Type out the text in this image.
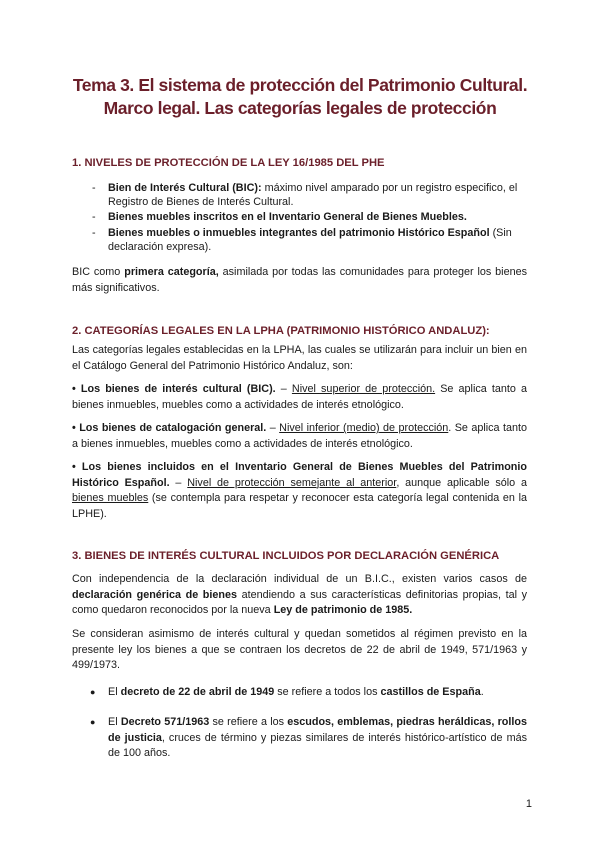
Tema 3. El sistema de protección del Patrimonio Cultural. Marco legal. Las categorías legales de protección
1. NIVELES DE PROTECCIÓN DE LA LEY 16/1985 DEL PHE
- Bien de Interés Cultural (BIC): máximo nivel amparado por un registro especifico, el Registro de Bienes de Interés Cultural.
- Bienes muebles inscritos en el Inventario General de Bienes Muebles.
- Bienes muebles o inmuebles integrantes del patrimonio Histórico Español (Sin declaración expresa).
BIC como primera categoría, asimilada por todas las comunidades para proteger los bienes más significativos.
2. CATEGORÍAS LEGALES EN LA LPHA (PATRIMONIO HISTÓRICO ANDALUZ):
Las categorías legales establecidas en la LPHA, las cuales se utilizarán para incluir un bien en el Catálogo General del Patrimonio Histórico Andaluz, son:
• Los bienes de interés cultural (BIC). – Nivel superior de protección. Se aplica tanto a bienes inmuebles, muebles como a actividades de interés etnológico.
• Los bienes de catalogación general. – Nivel inferior (medio) de protección. Se aplica tanto a bienes inmuebles, muebles como a actividades de interés etnológico.
• Los bienes incluidos en el Inventario General de Bienes Muebles del Patrimonio Histórico Español. – Nivel de protección semejante al anterior, aunque aplicable sólo a bienes muebles (se contempla para respetar y reconocer esta categoría legal contenida en la LPHE).
3. BIENES DE INTERÉS CULTURAL INCLUIDOS POR DECLARACIÓN GENÉRICA
Con independencia de la declaración individual de un B.I.C., existen varios casos de declaración genérica de bienes atendiendo a sus características definitorias propias, tal y como quedaron reconocidos por la nueva Ley de patrimonio de 1985.
Se consideran asimismo de interés cultural y quedan sometidos al régimen previsto en la presente ley los bienes a que se contraen los decretos de 22 de abril de 1949, 571/1963 y 499/1973.
● El decreto de 22 de abril de 1949 se refiere a todos los castillos de España.
● El Decreto 571/1963 se refiere a los escudos, emblemas, piedras heráldicas, rollos de justicia, cruces de término y piezas similares de interés histórico-artístico de más de 100 años.
1
